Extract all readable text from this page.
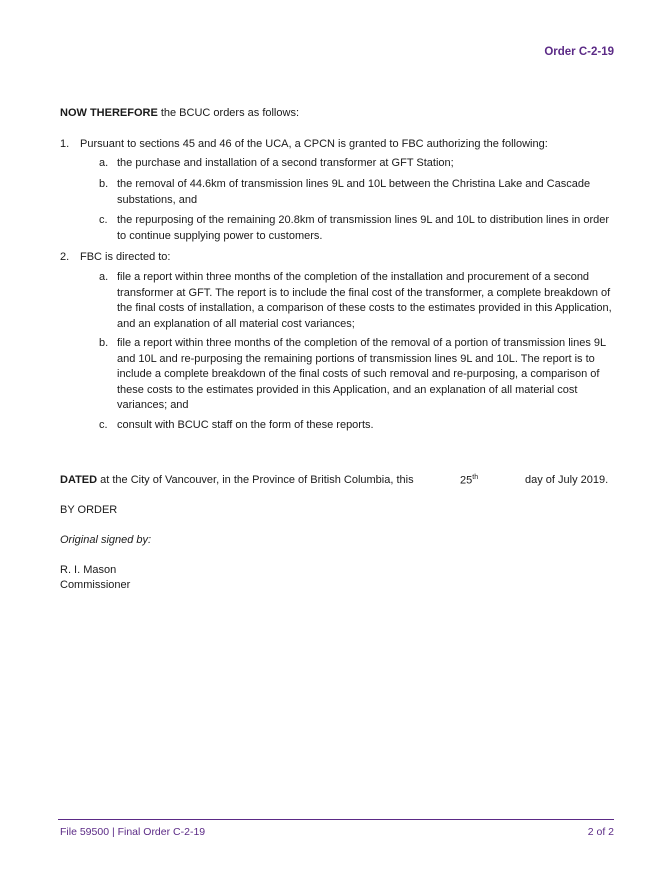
Order C-2-19
NOW THEREFORE the BCUC orders as follows:
1. Pursuant to sections 45 and 46 of the UCA, a CPCN is granted to FBC authorizing the following:
a. the purchase and installation of a second transformer at GFT Station;
b. the removal of 44.6km of transmission lines 9L and 10L between the Christina Lake and Cascade substations, and
c. the repurposing of the remaining 20.8km of transmission lines 9L and 10L to distribution lines in order to continue supplying power to customers.
2. FBC is directed to:
a. file a report within three months of the completion of the installation and procurement of a second transformer at GFT. The report is to include the final cost of the transformer, a complete breakdown of the final costs of installation, a comparison of these costs to the estimates provided in this Application, and an explanation of all material cost variances;
b. file a report within three months of the completion of the removal of a portion of transmission lines 9L and 10L and re-purposing the remaining portions of transmission lines 9L and 10L. The report is to include a complete breakdown of the final costs of such removal and re-purposing, a comparison of these costs to the estimates provided in this Application, and an explanation of all material cost variances; and
c. consult with BCUC staff on the form of these reports.
DATED at the City of Vancouver, in the Province of British Columbia, this	25th	day of July 2019.
BY ORDER
Original signed by:
R. I. Mason
Commissioner
File 59500 | Final Order C-2-19	2 of 2
